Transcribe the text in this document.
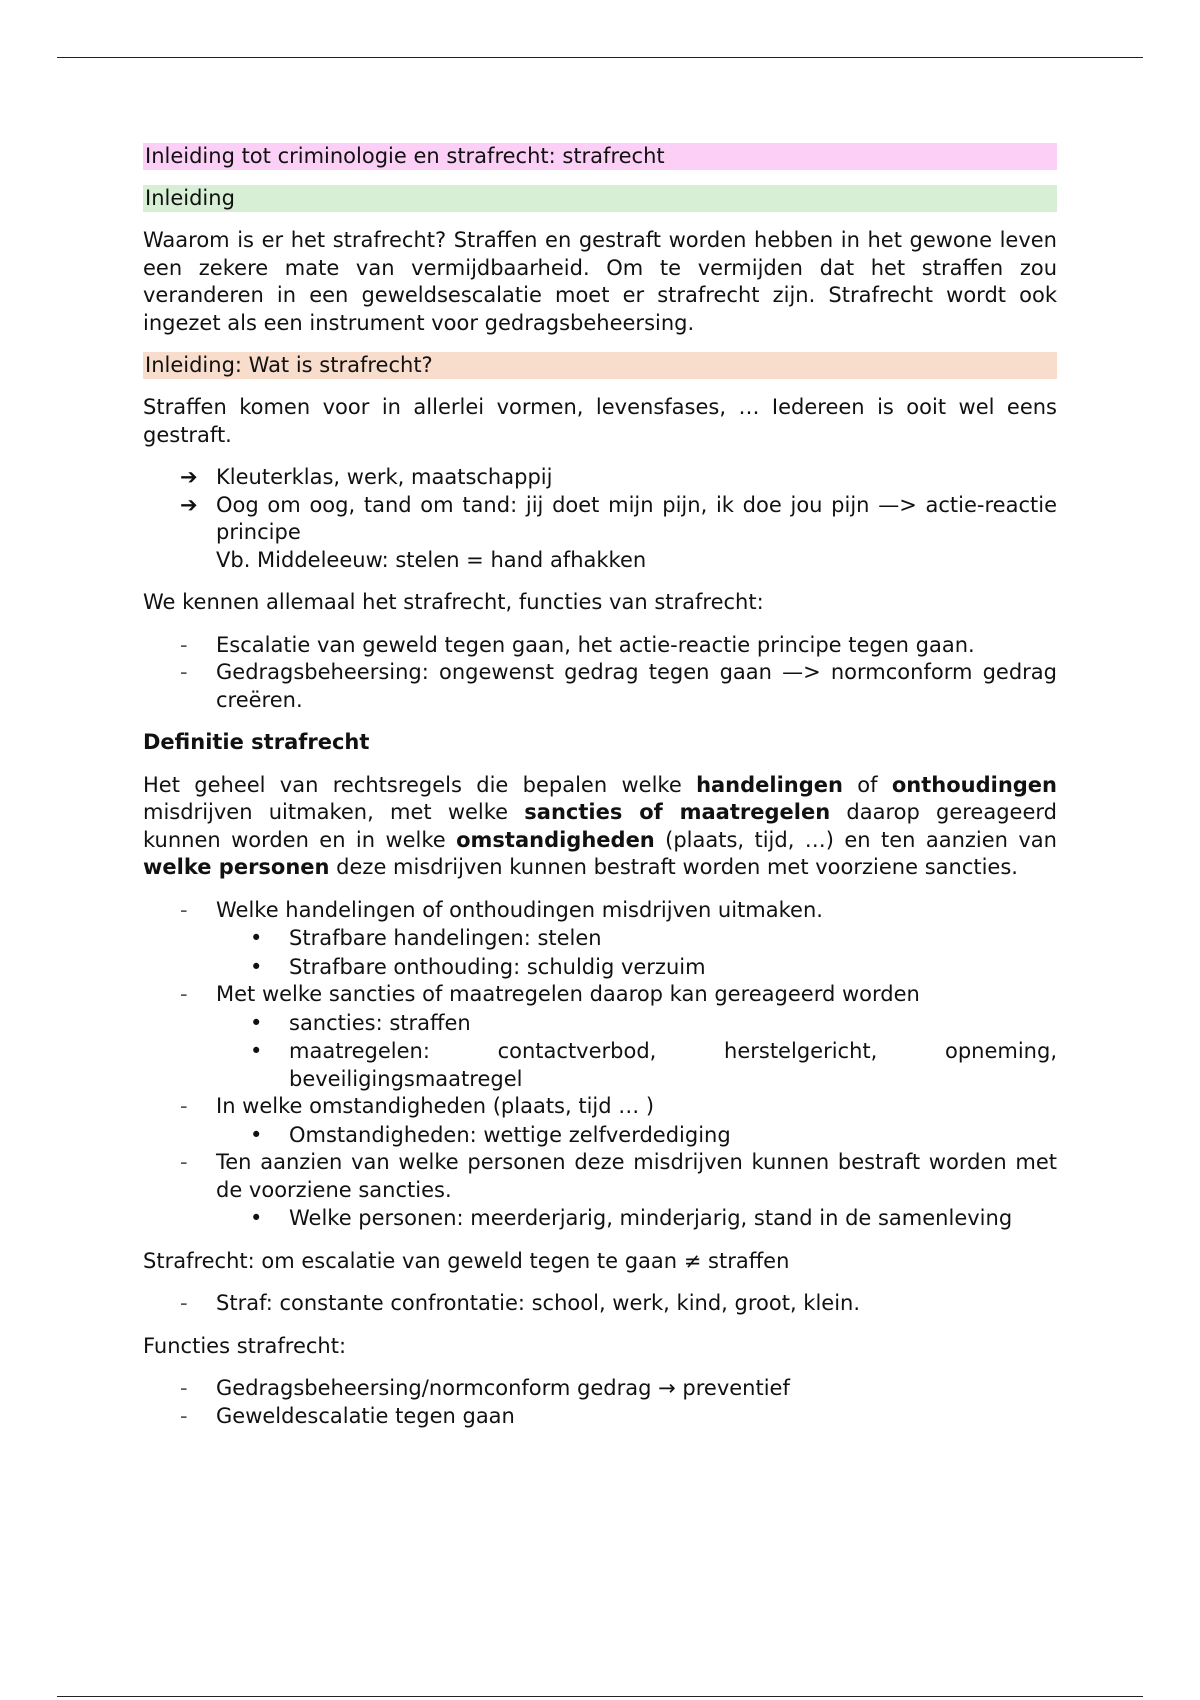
Inleiding tot criminologie en strafrecht: strafrecht
Inleiding

Waarom is er het strafrecht? Straffen en gestraft worden hebben in het gewone leven een zekere mate van vermijdbaarheid. Om te vermijden dat het straffen zou veranderen in een geweldsescalatie moet er strafrecht zijn. Strafrecht wordt ook ingezet als een instrument voor gedragsbeheersing.

Inleiding: Wat is strafrecht?

Straffen komen voor in allerlei vormen, levensfases, … Iedereen is ooit wel eens gestraft.

➔ Kleuterklas, werk, maatschappij
➔ Oog om oog, tand om tand: jij doet mijn pijn, ik doe jou pijn —> actie-reactie principe
Vb. Middeleeuw: stelen = hand afhakken

We kennen allemaal het strafrecht, functies van strafrecht:

- Escalatie van geweld tegen gaan, het actie-reactie principe tegen gaan.
- Gedragsbeheersing: ongewenst gedrag tegen gaan —> normconform gedrag creëren.
Definitie strafrecht

Het geheel van rechtsregels die bepalen welke handelingen of onthoudingen misdrijven uitmaken, met welke sancties of maatregelen daarop gereageerd kunnen worden en in welke omstandigheden (plaats, tijd, …) en ten aanzien van welke personen deze misdrijven kunnen bestraft worden met voorziene sancties.

- Welke handelingen of onthoudingen misdrijven uitmaken.
• Strafbare handelingen: stelen
• Strafbare onthouding: schuldig verzuim
- Met welke sancties of maatregelen daarop kan gereageerd worden
• sancties: straffen
• maatregelen: contactverbod, herstelgericht, opneming, beveiligingsmaatregel
- In welke omstandigheden (plaats, tijd … )
• Omstandigheden: wettige zelfverdediging
- Ten aanzien van welke personen deze misdrijven kunnen bestraft worden met de voorziene sancties.
• Welke personen: meerderjarig, minderjarig, stand in de samenleving

Strafrecht: om escalatie van geweld tegen te gaan ≠ straffen

- Straf: constante confrontatie: school, werk, kind, groot, klein.

Functies strafrecht:

- Gedragsbeheersing/normconform gedrag → preventief
- Geweldescalatie tegen gaan
